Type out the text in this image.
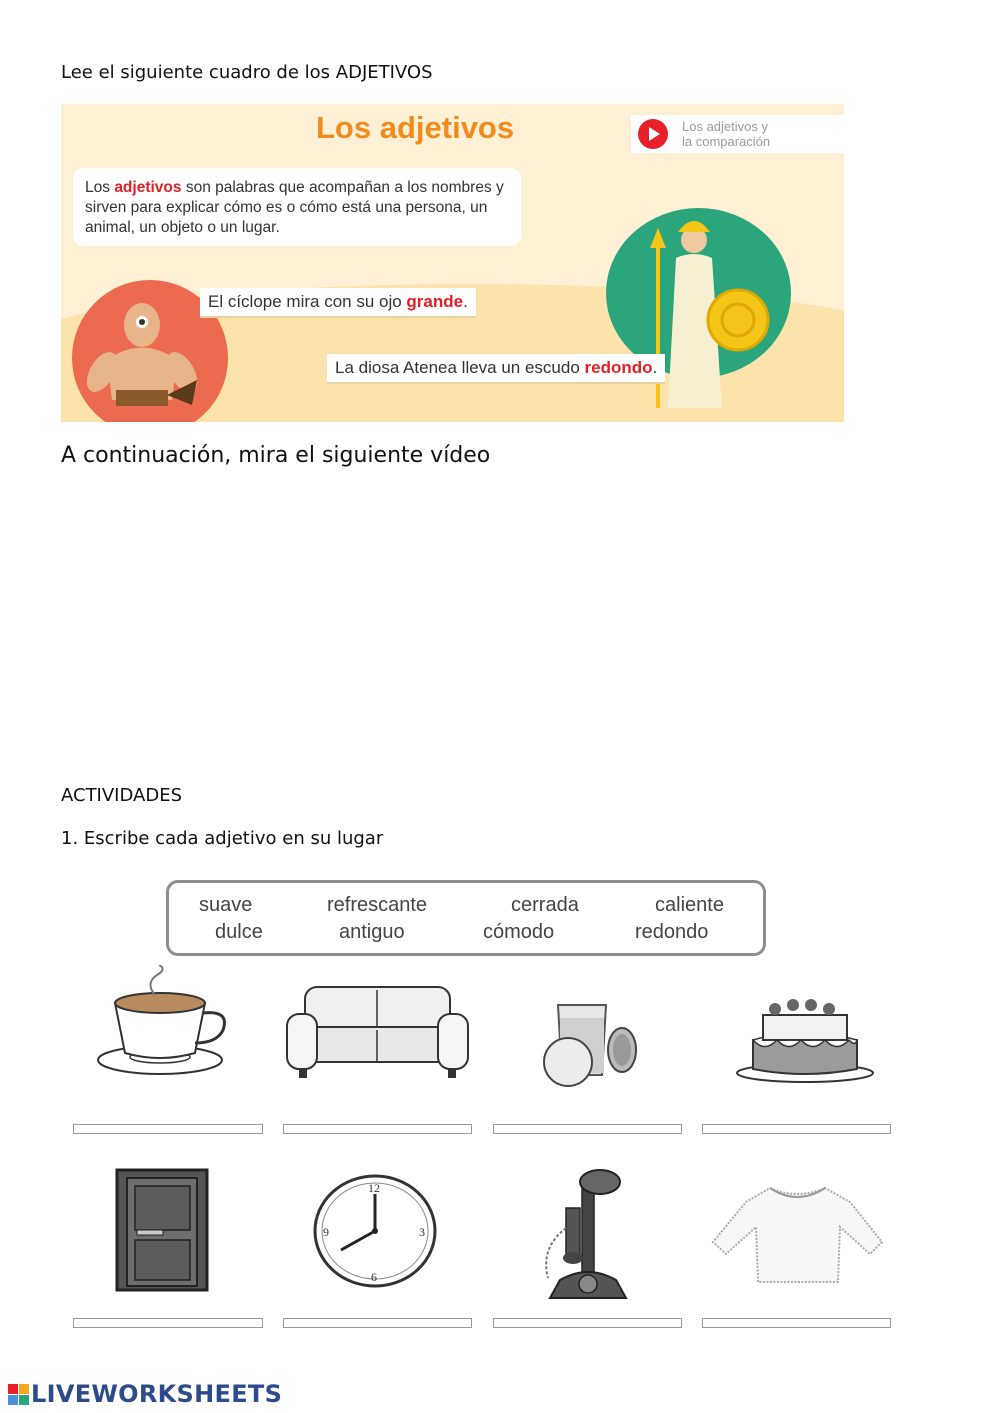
Lee el siguiente cuadro de los ADJETIVOS
Los adjetivos	Los adjetivos y
la comparación
Los adjetivos son palabras que acompañan a los nombres y sirven para explicar cómo es o cómo está una persona, un animal, un objeto o un lugar.
El cíclope mira con su ojo grande.
La diosa Atenea lleva un escudo redondo.
A continuación, mira el siguiente vídeo
ACTIVIDADES
1. Escribe cada adjetivo en su lugar
suave	refrescante	cerrada	caliente
dulce	antiguo	cómodo	redondo
12
3
6
9
LIVEWORKSHEETS
